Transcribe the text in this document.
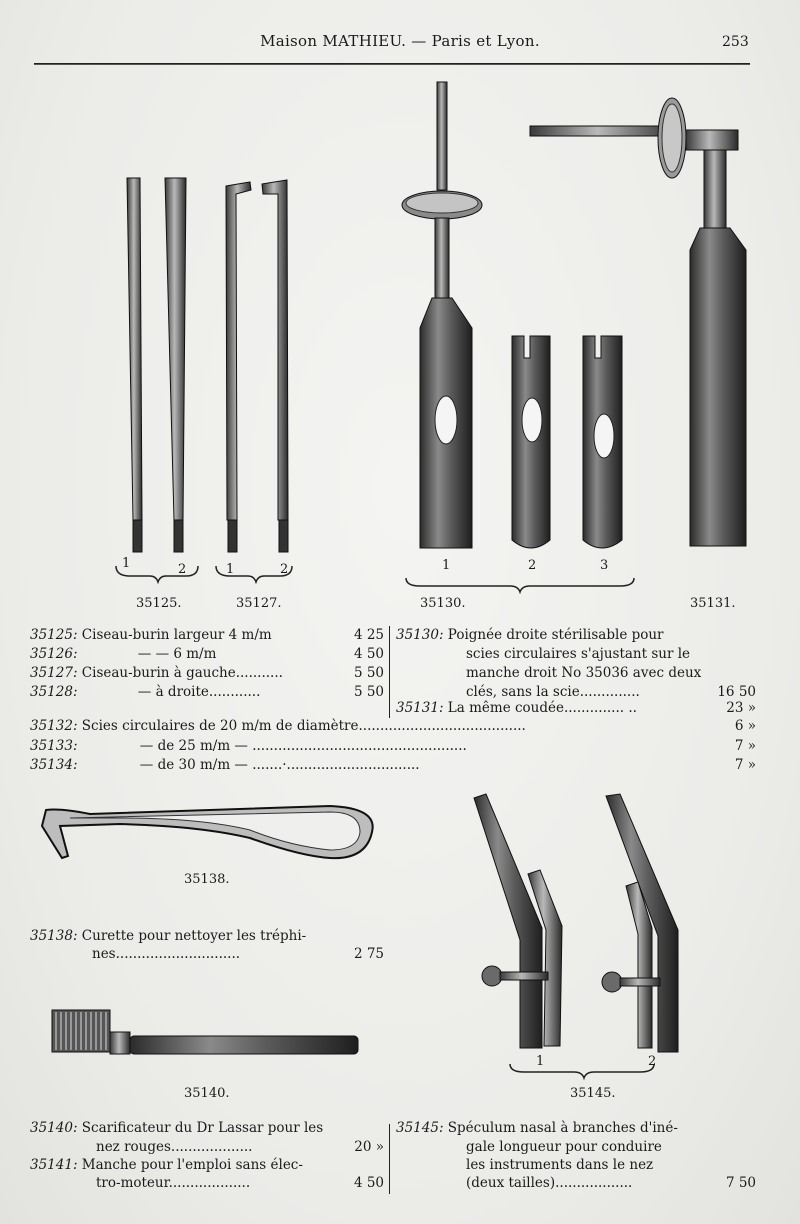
Maison MATHIEU. — Paris et Lyon.	253
1	2	1	2	1	2	3
1	2
35125.	35127.	35130.	35131.
35138.
35140.	35145.
35125: Ciseau-burin largeur 4 m/m	4 25
35126:	— — 6 m/m	4 50
35127: Ciseau-burin à gauche...........	5 50
35128:	— à droite............	5 50
35130: Poignée droite stérilisable pour
scies circulaires s'ajustant sur le
manche droit No 35036 avec deux
clés, sans la scie..............	16 50
35131: La même coudée.............. ..	23 »
35132: Scies circulaires de 20 m/m de diamètre.......................................	6 »
35133:	— de 25 m/m — ..................................................	7 »
35134:	— de 30 m/m — .......·...............................	7 »
35138: Curette pour nettoyer les tréphi-
nes.............................	2 75
35140: Scarificateur du Dr Lassar pour les
nez rouges...................	20 »
35141: Manche pour l'emploi sans élec-
tro-moteur...................	4 50
35145: Spéculum nasal à branches d'iné-
gale longueur pour conduire
les instruments dans le nez
(deux tailles)..................	7 50
